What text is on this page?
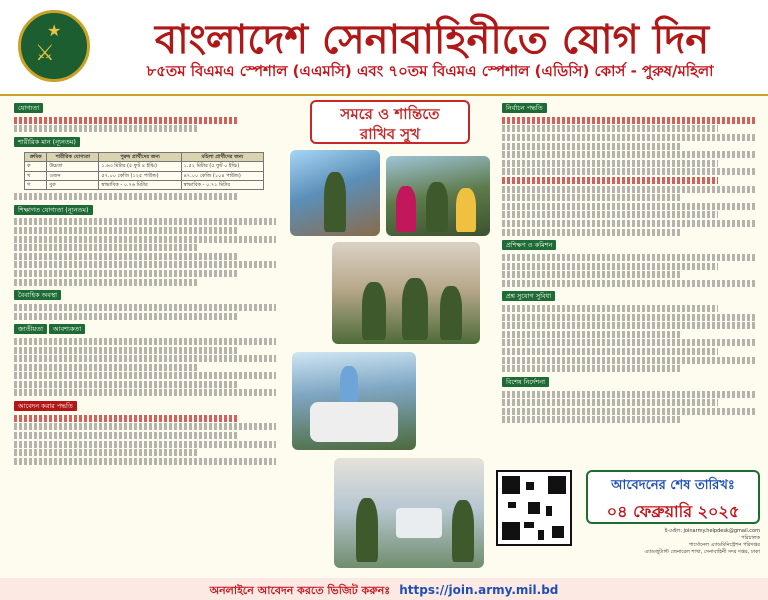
★
⚔	বাংলাদেশ সেনাবাহিনীতে যোগ দিন
৮৫তম বিএমএ স্পেশাল (এএমসি) এবং ৭০তম বিএমএ স্পেশাল (এডিসি) কোর্স - পুরুষ/মহিলা
যোগ্যতা
শারীরিক মান (ন্যূনতম)
ক্রমিক	শারীরিক যোগ্যতা	পুরুষ প্রার্থীদের জন্য	মহিলা প্রার্থীদের জন্য
ক	উচ্চতা	১.৬৩ মিটার (৫ ফুট ৪ ইঞ্চি)	১.৫২ মিটার (৫ ফুট ০ ইঞ্চি)
খ	ওজন	৫৭.০০ কেজি (১২৫ পাউন্ড)	৪৭.০০ কেজি (১০৪ পাউন্ড)
গ	বুক	স্বাভাবিক - ০.৭৬ মিটার	স্বাভাবিক - ০.৭১ মিটার
শিক্ষাগত যোগ্যতা (ন্যূনতম)
বৈবাহিক অবস্থা
জাতীয়তা আবশ্যকতা
আবেদন করার পদ্ধতি
সমরে ও শান্তিতে
রাখিব সুখ
নির্বাচন পদ্ধতি
প্রশিক্ষণ ও কমিশন
প্রশ্ন সুযোগ সুবিধা
বিশেষ নির্দেশনা
আবেদনের শেষ তারিখঃ
০৪ ফেব্রুয়ারি ২০২৫
ই-মেইল: joinarmy.helpdesk@gmail.com
পরিচালক
পার্সোনেল এ্যাডমিনিস্ট্রেশন পরিদপ্তর
এ্যাডজুট্যান্ট জেনারেল শাখা, সেনাবাহিনী সদর দপ্তর, ঢাকা
অনলাইনে আবেদন করতে ভিজিট করুনঃ https://join.army.mil.bd
